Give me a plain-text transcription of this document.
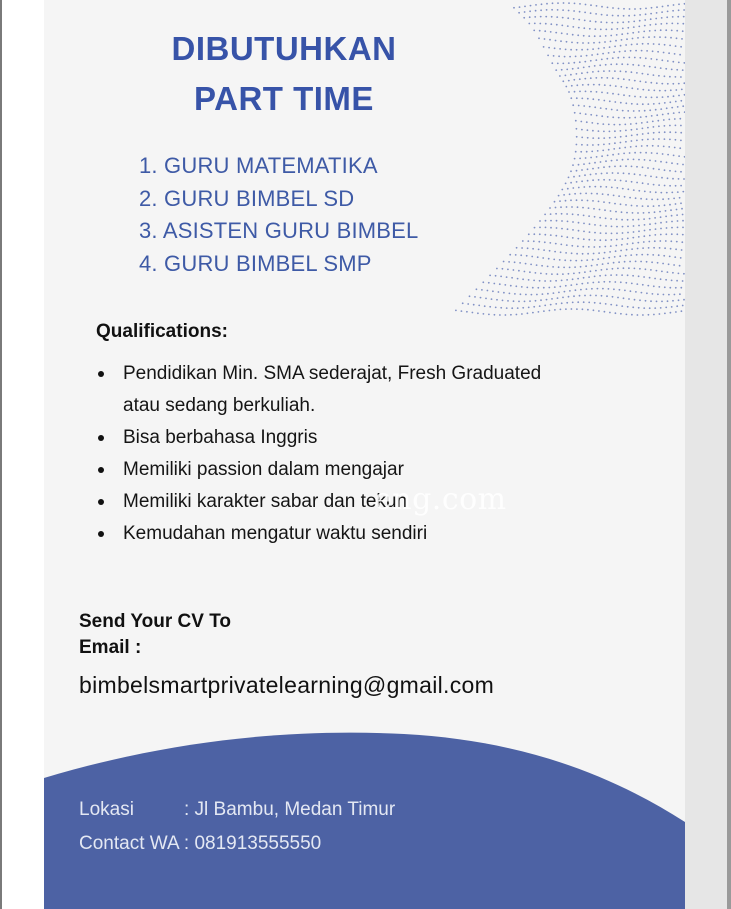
DIBUTUHKAN
PART TIME
1. GURU MATEMATIKA
2. GURU BIMBEL SD
3. ASISTEN GURU BIMBEL
4. GURU BIMBEL SMP
Qualifications:
Pendidikan Min. SMA sederajat, Fresh Graduated atau sedang berkuliah.
Bisa berbahasa Inggris
Memiliki passion dalam mengajar
Memiliki karakter sabar dan tekun
Kemudahan mengatur waktu sendiri
eng.com
Send Your CV To
Email :
bimbelsmartprivatelearning@gmail.com
Lokasi	: Jl Bambu, Medan Timur
Contact WA : 081913555550
